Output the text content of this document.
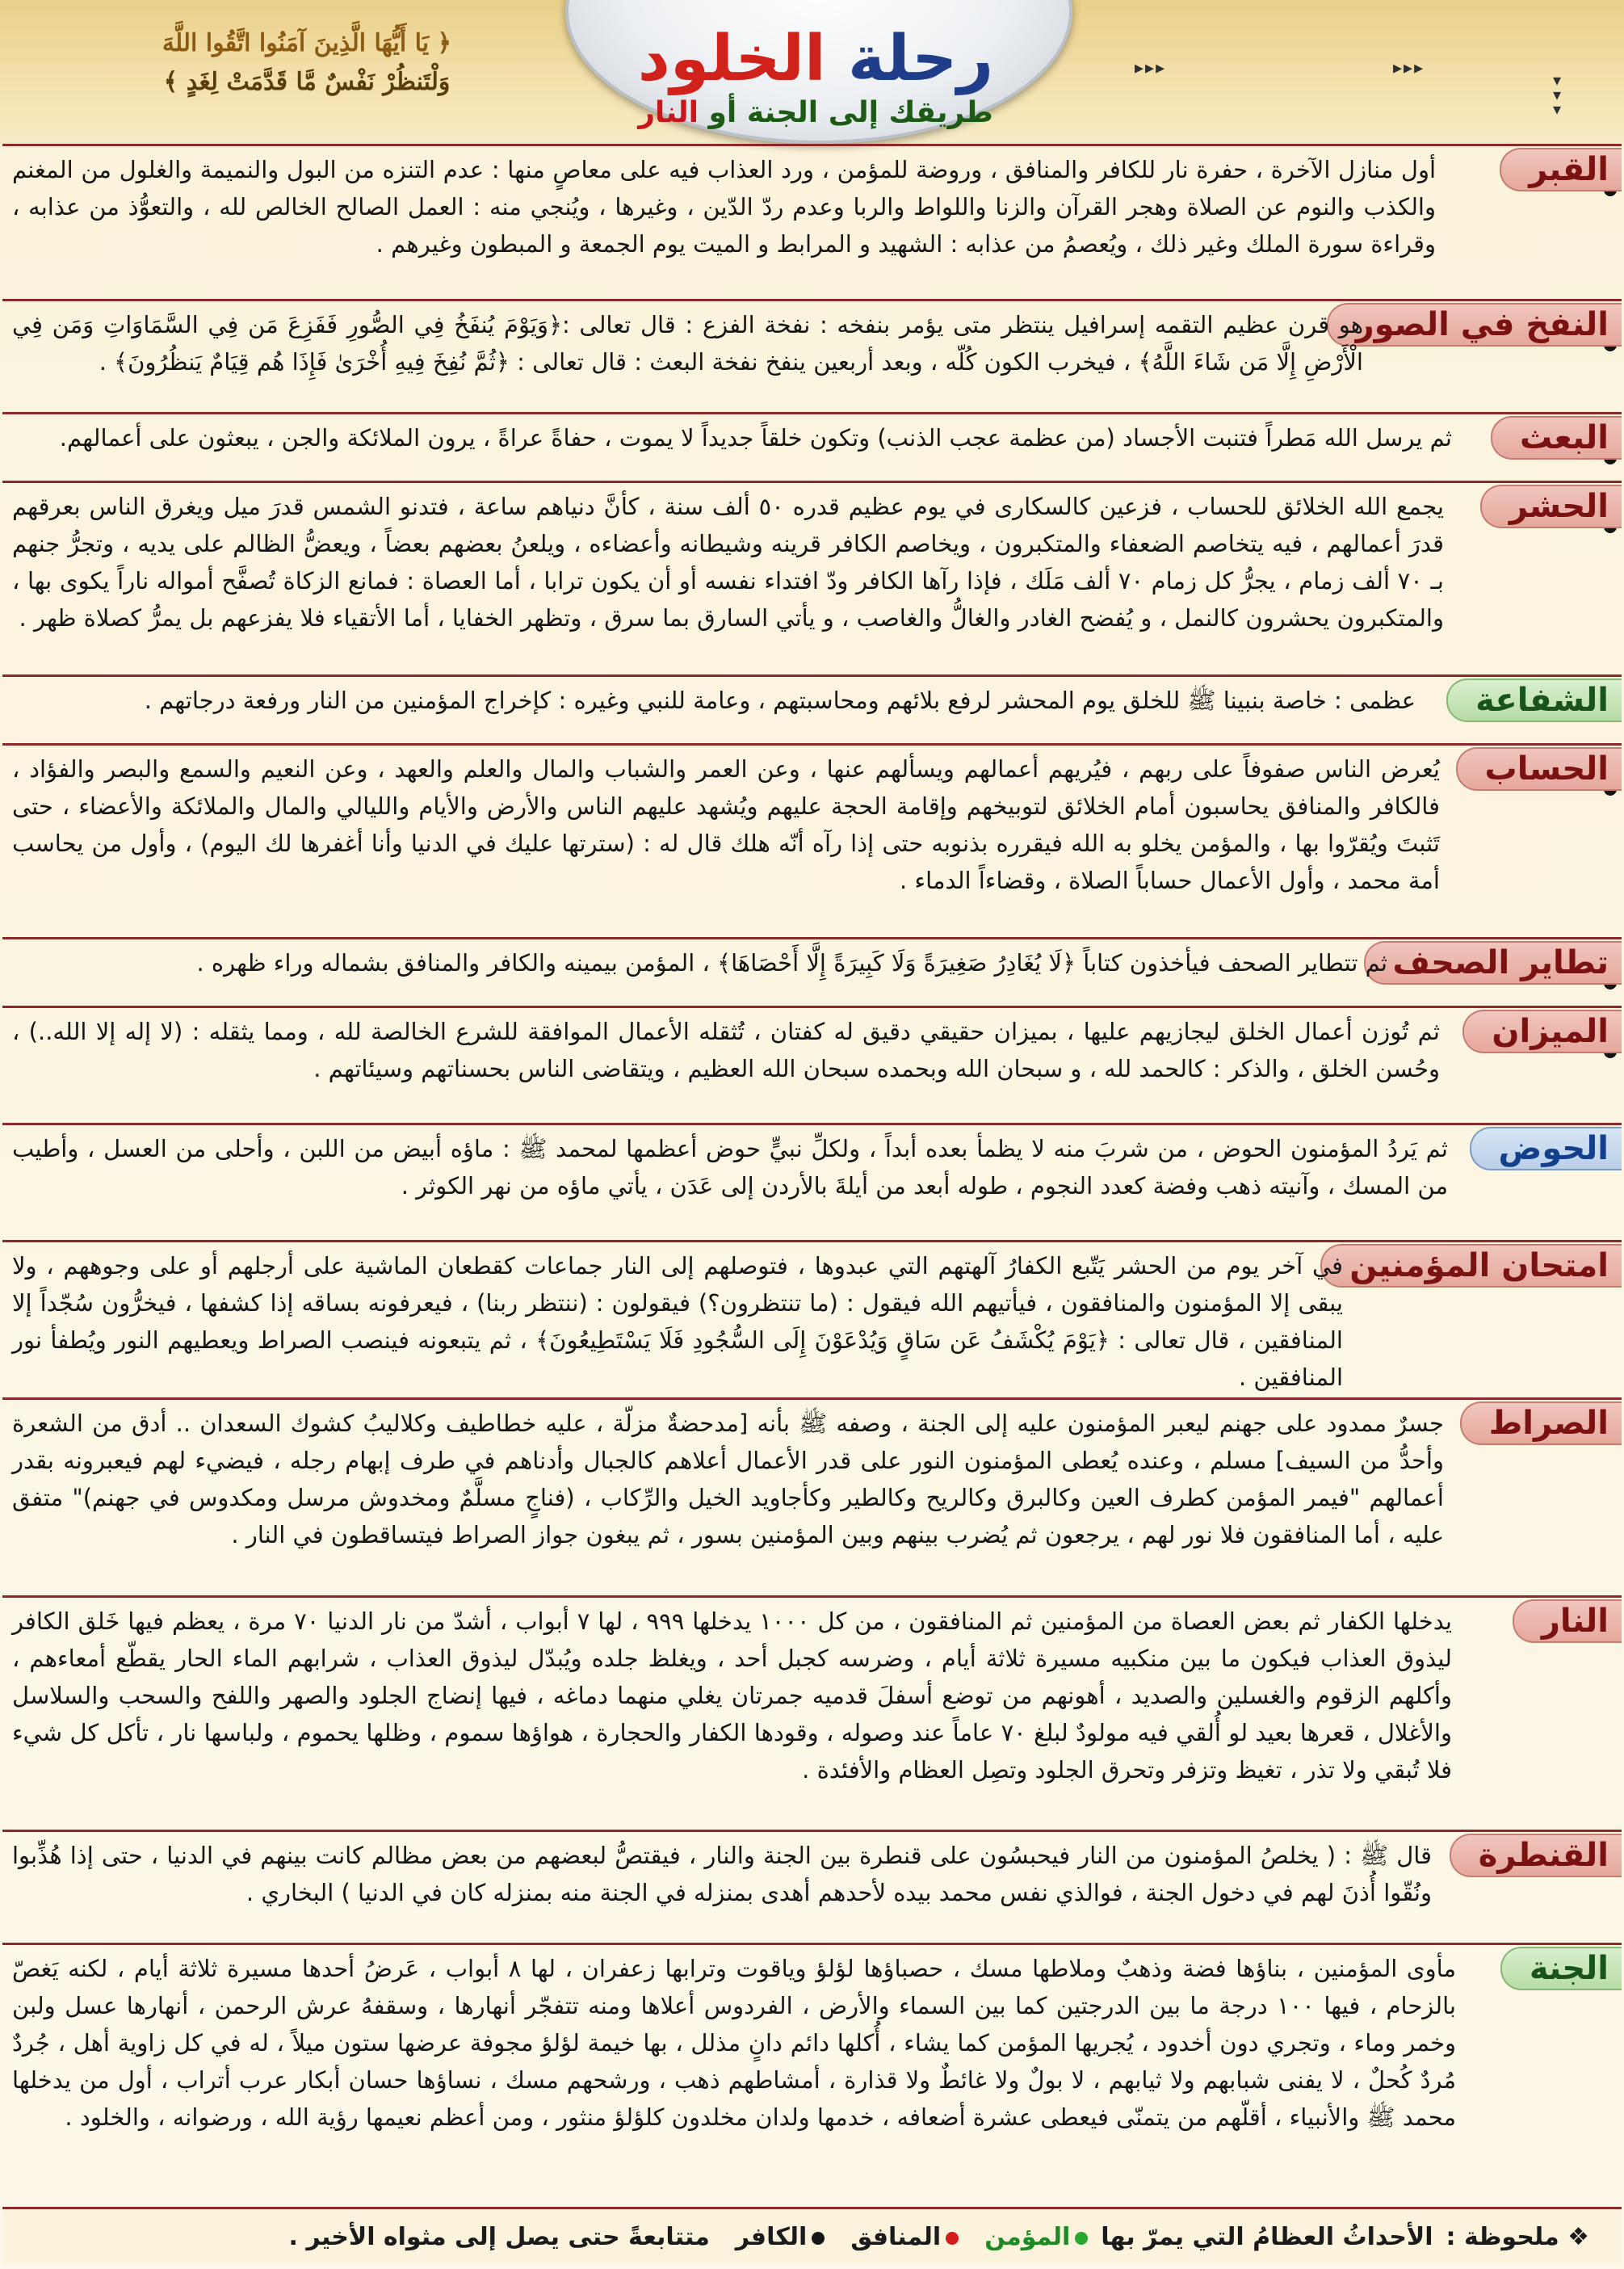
رحلة الخلود
طريقك إلى الجنة أو النار
﴿ يَا أَيُّهَا الَّذِينَ آمَنُوا اتَّقُوا اللَّهَ
وَلْتَنظُرْ نَفْسٌ مَّا قَدَّمَتْ لِغَدٍ ﴾	▸▸▸	▸▸▸
▾ ▾ ▾
القبر
أول منازل الآخرة ، حفرة نار للكافر والمنافق ، وروضة للمؤمن ، ورد العذاب فيه على معاصٍ منها : عدم التنزه من البول والنميمة والغلول من المغنم والكذب والنوم عن الصلاة وهجر القرآن والزنا واللواط والربا وعدم ردّ الدّين ، وغيرها ، ويُنجي منه : العمل الصالح الخالص لله ، والتعوُّذ من عذابه ، وقراءة سورة الملك وغير ذلك ، ويُعصمُ من عذابه : الشهيد و المرابط و الميت يوم الجمعة و المبطون وغيرهم .
النفخ في الصور
هو قرن عظيم التقمه إسرافيل ينتظر متى يؤمر بنفخه : نفخة الفزع : قال تعالى :﴿وَيَوْمَ يُنفَخُ فِي الصُّورِ فَفَزِعَ مَن فِي السَّمَاوَاتِ وَمَن فِي الْأَرْضِ إِلَّا مَن شَاءَ اللَّهُ﴾ ، فيخرب الكون كُلّه ، وبعد أربعين ينفخ نفخة البعث : قال تعالى : ﴿ثُمَّ نُفِخَ فِيهِ أُخْرَىٰ فَإِذَا هُم قِيَامٌ يَنظُرُونَ﴾ .
البعث
ثم يرسل الله مَطراً فتنبت الأجساد (من عظمة عجب الذنب) وتكون خلقاً جديداً لا يموت ، حفاةً عراةً ، يرون الملائكة والجن ، يبعثون على أعمالهم.
الحشر
يجمع الله الخلائق للحساب ، فزعين كالسكارى في يوم عظيم قدره ٥٠ ألف سنة ، كأنَّ دنياهم ساعة ، فتدنو الشمس قدرَ ميل ويغرق الناس بعرقهم قدرَ أعمالهم ، فيه يتخاصم الضعفاء والمتكبرون ، ويخاصم الكافر قرينه وشيطانه وأعضاءه ، ويلعنُ بعضهم بعضاً ، ويعضُّ الظالم على يديه ، وتجرُّ جنهم بـ ٧٠ ألف زمام ، يجرُّ كل زمام ٧٠ ألف مَلَك ، فإذا رآها الكافر ودّ افتداء نفسه أو أن يكون ترابا ، أما العصاة : فمانع الزكاة تُصفَّح أمواله ناراً يكوى بها ، والمتكبرون يحشرون كالنمل ، و يُفضح الغادر والغالُّ والغاصب ، و يأتي السارق بما سرق ، وتظهر الخفايا ، أما الأتقياء فلا يفزعهم بل يمرُّ كصلاة ظهر .
الشفاعة
عظمى : خاصة بنبينا ﷺ للخلق يوم المحشر لرفع بلائهم ومحاسبتهم ، وعامة للنبي وغيره : كإخراج المؤمنين من النار ورفعة درجاتهم .
الحساب
يُعرض الناس صفوفاً على ربهم ، فيُريهم أعمالهم ويسألهم عنها ، وعن العمر والشباب والمال والعلم والعهد ، وعن النعيم والسمع والبصر والفؤاد ، فالكافر والمنافق يحاسبون أمام الخلائق لتوبيخهم وإقامة الحجة عليهم ويُشهد عليهم الناس والأرض والأيام والليالي والمال والملائكة والأعضاء ، حتى تَثبتَ ويُقرّوا بها ، والمؤمن يخلو به الله فيقرره بذنوبه حتى إذا رآه أنّه هلك قال له : (سترتها عليك في الدنيا وأنا أغفرها لك اليوم) ، وأول من يحاسب أمة محمد ، وأول الأعمال حساباً الصلاة ، وقضاءاً الدماء .
تطاير الصحف
ثم تتطاير الصحف فيأخذون كتاباً ﴿لَا يُغَادِرُ صَغِيرَةً وَلَا كَبِيرَةً إِلَّا أَحْصَاهَا﴾ ، المؤمن بيمينه والكافر والمنافق بشماله وراء ظهره .
الميزان
ثم تُوزن أعمال الخلق ليجازيهم عليها ، بميزان حقيقي دقيق له كفتان ، تُثقله الأعمال الموافقة للشرع الخالصة لله ، ومما يثقله : (لا إله إلا الله..) ، وحُسن الخلق ، والذكر : كالحمد لله ، و سبحان الله وبحمده سبحان الله العظيم ، ويتقاضى الناس بحسناتهم وسيئاتهم .
الحوض
ثم يَردُ المؤمنون الحوض ، من شربَ منه لا يظمأ بعده أبداً ، ولكلِّ نبيٍّ حوض أعظمها لمحمد ﷺ : ماؤه أبيض من اللبن ، وأحلى من العسل ، وأطيب من المسك ، وآنيته ذهب وفضة كعدد النجوم ، طوله أبعد من أيلةَ بالأردن إلى عَدَن ، يأتي ماؤه من نهر الكوثر .
امتحان المؤمنين
في آخر يوم من الحشر يَتّبع الكفارُ آلهتهم التي عبدوها ، فتوصلهم إلى النار جماعات كقطعان الماشية على أرجلهم أو على وجوههم ، ولا يبقى إلا المؤمنون والمنافقون ، فيأتيهم الله فيقول : (ما تنتظرون؟) فيقولون : (ننتظر ربنا) ، فيعرفونه بساقه إذا كشفها ، فيخرُّون سُجّداً إلا المنافقين ، قال تعالى : ﴿يَوْمَ يُكْشَفُ عَن سَاقٍ وَيُدْعَوْنَ إِلَى السُّجُودِ فَلَا يَسْتَطِيعُونَ﴾ ، ثم يتبعونه فينصب الصراط ويعطيهم النور ويُطفأ نور المنافقين .
الصراط
جسرٌ ممدود على جهنم ليعبر المؤمنون عليه إلى الجنة ، وصفه ﷺ بأنه [مدحضةٌ مزلّة ، عليه خطاطيف وكلاليبُ كشوك السعدان .. أدق من الشعرة وأحدُّ من السيف] مسلم ، وعنده يُعطى المؤمنون النور على قدر الأعمال أعلاهم كالجبال وأدناهم في طرف إبهام رجله ، فيضيء لهم فيعبرونه بقدر أعمالهم "فيمر المؤمن كطرف العين وكالبرق وكالريح وكالطير وكأجاويد الخيل والرِّكاب ، (فناجٍ مسلَّمٌ ومخدوش مرسل ومكدوس في جهنم)" متفق عليه ، أما المنافقون فلا نور لهم ، يرجعون ثم يُضرب بينهم وبين المؤمنين بسور ، ثم يبغون جواز الصراط فيتساقطون في النار .
النار
يدخلها الكفار ثم بعض العصاة من المؤمنين ثم المنافقون ، من كل ١٠٠٠ يدخلها ٩٩٩ ، لها ٧ أبواب ، أشدّ من نار الدنيا ٧٠ مرة ، يعظم فيها خَلق الكافر ليذوق العذاب فيكون ما بين منكبيه مسيرة ثلاثة أيام ، وضرسه كجبل أحد ، ويغلظ جلده ويُبدّل ليذوق العذاب ، شرابهم الماء الحار يقطّع أمعاءهم ، وأكلهم الزقوم والغسلين والصديد ، أهونهم من توضع أسفلَ قدميه جمرتان يغلي منهما دماغه ، فيها إنضاج الجلود والصهر واللفح والسحب والسلاسل والأغلال ، قعرها بعيد لو أُلقي فيه مولودٌ لبلغ ٧٠ عاماً عند وصوله ، وقودها الكفار والحجارة ، هواؤها سموم ، وظلها يحموم ، ولباسها نار ، تأكل كل شيء فلا تُبقي ولا تذر ، تغيظ وتزفر وتحرق الجلود وتصِل العظام والأفئدة .
القنطرة
قال ﷺ : ( يخلصُ المؤمنون من النار فيحبسُون على قنطرة بين الجنة والنار ، فيقتصُّ لبعضهم من بعض مظالم كانت بينهم في الدنيا ، حتى إذا هُذِّبوا ونُقّوا أُذنَ لهم في دخول الجنة ، فوالذي نفس محمد بيده لأحدهم أهدى بمنزله في الجنة منه بمنزله كان في الدنيا ) البخاري .
الجنة
مأوى المؤمنين ، بناؤها فضة وذهبٌ وملاطها مسك ، حصباؤها لؤلؤ وياقوت وترابها زعفران ، لها ٨ أبواب ، عَرضُ أحدها مسيرة ثلاثة أيام ، لكنه يَغصّ بالزحام ، فيها ١٠٠ درجة ما بين الدرجتين كما بين السماء والأرض ، الفردوس أعلاها ومنه تتفجّر أنهارها ، وسقفهُ عرش الرحمن ، أنهارها عسل ولبن وخمر وماء ، وتجري دون أخدود ، يُجريها المؤمن كما يشاء ، أُكلها دائم دانٍ مذلل ، بها خيمة لؤلؤ مجوفة عرضها ستون ميلاً ، له في كل زاوية أهل ، جُردٌ مُردٌ كُحلٌ ، لا يفنى شبابهم ولا ثيابهم ، لا بولٌ ولا غائطٌ ولا قذارة ، أمشاطهم ذهب ، ورشحهم مسك ، نساؤها حسان أبكار عرب أتراب ، أول من يدخلها محمد ﷺ والأنبياء ، أقلّهم من يتمنّى فيعطى عشرة أضعافه ، خدمها ولدان مخلدون كلؤلؤ منثور ، ومن أعظم نعيمها رؤية الله ، ورضوانه ، والخلود .
❖ ملحوظة :
الأحداثُ العظامُ التي يمرّ بها
المؤمن
المنافق
الكافر
متتابعةً حتى يصل إلى مثواه الأخير .
